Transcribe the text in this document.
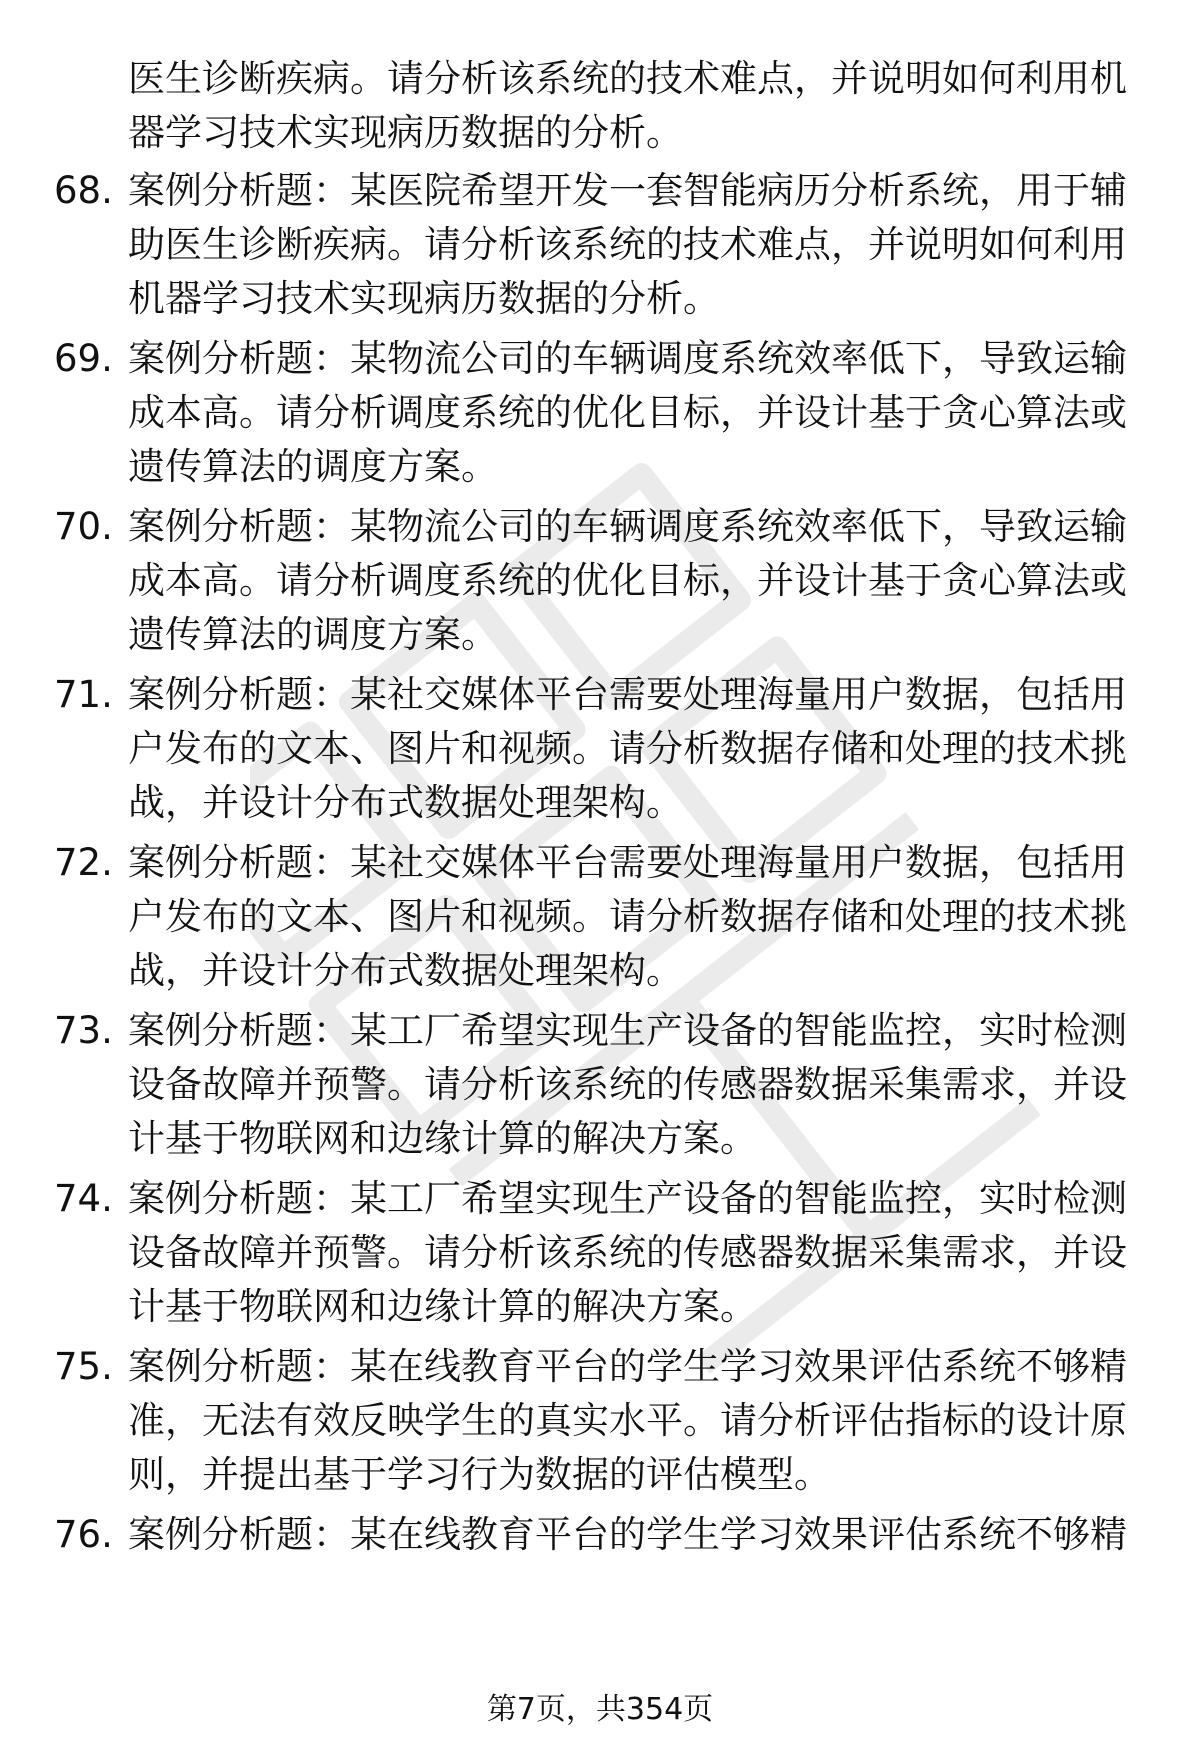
医生诊断疾病。请分析该系统的技术难点，并说明如何利用机器学习技术实现病历数据的分析。
68. 案例分析题：某医院希望开发一套智能病历分析系统，用于辅助医生诊断疾病。请分析该系统的技术难点，并说明如何利用机器学习技术实现病历数据的分析。
69. 案例分析题：某物流公司的车辆调度系统效率低下，导致运输成本高。请分析调度系统的优化目标，并设计基于贪心算法或遗传算法的调度方案。
70. 案例分析题：某物流公司的车辆调度系统效率低下，导致运输成本高。请分析调度系统的优化目标，并设计基于贪心算法或遗传算法的调度方案。
71. 案例分析题：某社交媒体平台需要处理海量用户数据，包括用户发布的文本、图片和视频。请分析数据存储和处理的技术挑战，并设计分布式数据处理架构。
72. 案例分析题：某社交媒体平台需要处理海量用户数据，包括用户发布的文本、图片和视频。请分析数据存储和处理的技术挑战，并设计分布式数据处理架构。
73. 案例分析题：某工厂希望实现生产设备的智能监控，实时检测设备故障并预警。请分析该系统的传感器数据采集需求，并设计基于物联网和边缘计算的解决方案。
74. 案例分析题：某工厂希望实现生产设备的智能监控，实时检测设备故障并预警。请分析该系统的传感器数据采集需求，并设计基于物联网和边缘计算的解决方案。
75. 案例分析题：某在线教育平台的学生学习效果评估系统不够精准，无法有效反映学生的真实水平。请分析评估指标的设计原则，并提出基于学习行为数据的评估模型。
76. 案例分析题：某在线教育平台的学生学习效果评估系统不够精
第7页，共354页
